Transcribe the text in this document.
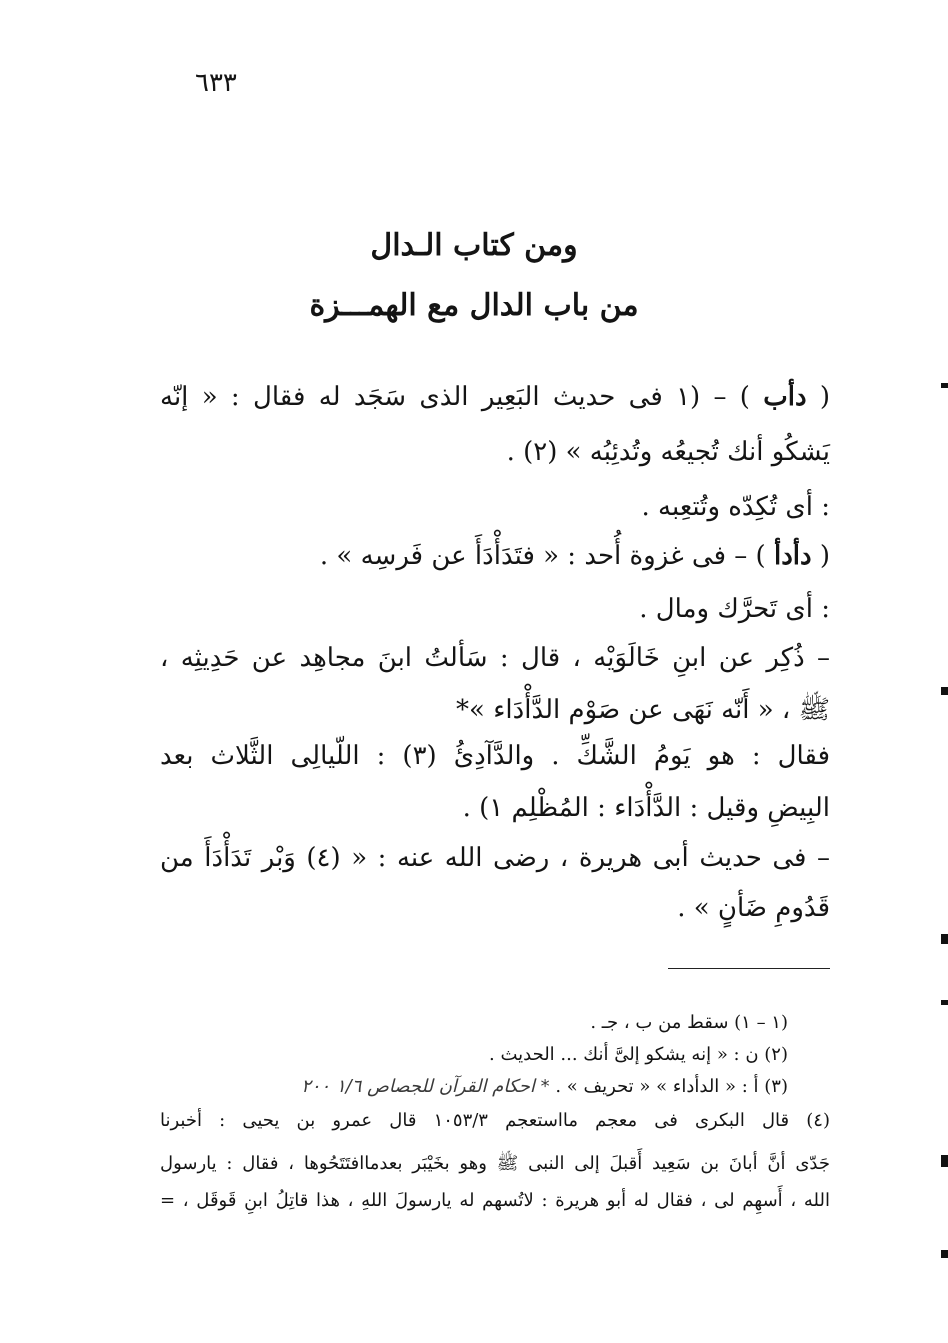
٦٣٣
ومن كتاب الـدال
من باب الدال مع الهمـــزة
( دأب ) – (١ فى حديث البَعِير الذى سَجَد له فقال : « إنّه
يَشكُو أنك تُجيعُه وتُدئِبُه » (٢) .
: أى تُكِدّه وتُتعِبه .
( دأدأ ) – فى غزوة أُحد : « فتَدَأْدَأَ عن فَرسِه » .
: أى تَحرَّك ومال .
– ذُكِر عن ابنِ خَالَوَيْه ، قال : سَألتُ ابنَ مجاهِد عن حَدِيثِه ،
ﷺ ، « أَنّه نَهَى عن صَوْم الدَّأْدَاء »*
فقال : هو يَومُ الشَّكِّ . والدَّآدِئُ (٣) : اللّيالِى الثَّلاث بعد
البِيضِ وقيل : الدَّأْدَاء : المُظْلِم ١) .
– فى حديث أبى هريرة ، رضى الله عنه : « (٤) وَبْر تَدَأْدَأَ من
قَدُومِ ضَأنٍ » .
(١ – ١) سقط من ب ، جـ .
(٢) ن : « إنه يشكو إلىَّ أنك ... الحديث .
(٣) أ : « الدأداء » « تحريف » . * احكام القرآن للجصاص ١/٦ ٢٠٠
(٤) قال البكرى فى معجم مااستعجم ١٠٥٣/٣ قال عمرو بن يحيى : أخبرنا
جَدّى أنَّ أبانَ بن سَعِيد أَقبلَ إلى النبى ﷺ وهو بخَيْبَر بعدماافتَتَحُوها ، فقال : يارسول
الله ، أَسهِم لى ، فقال له أبو هريرة : لاتُسهم له يارسولَ اللهِ ، هذا قاتِلُ ابنِ قَوقَل ، =
